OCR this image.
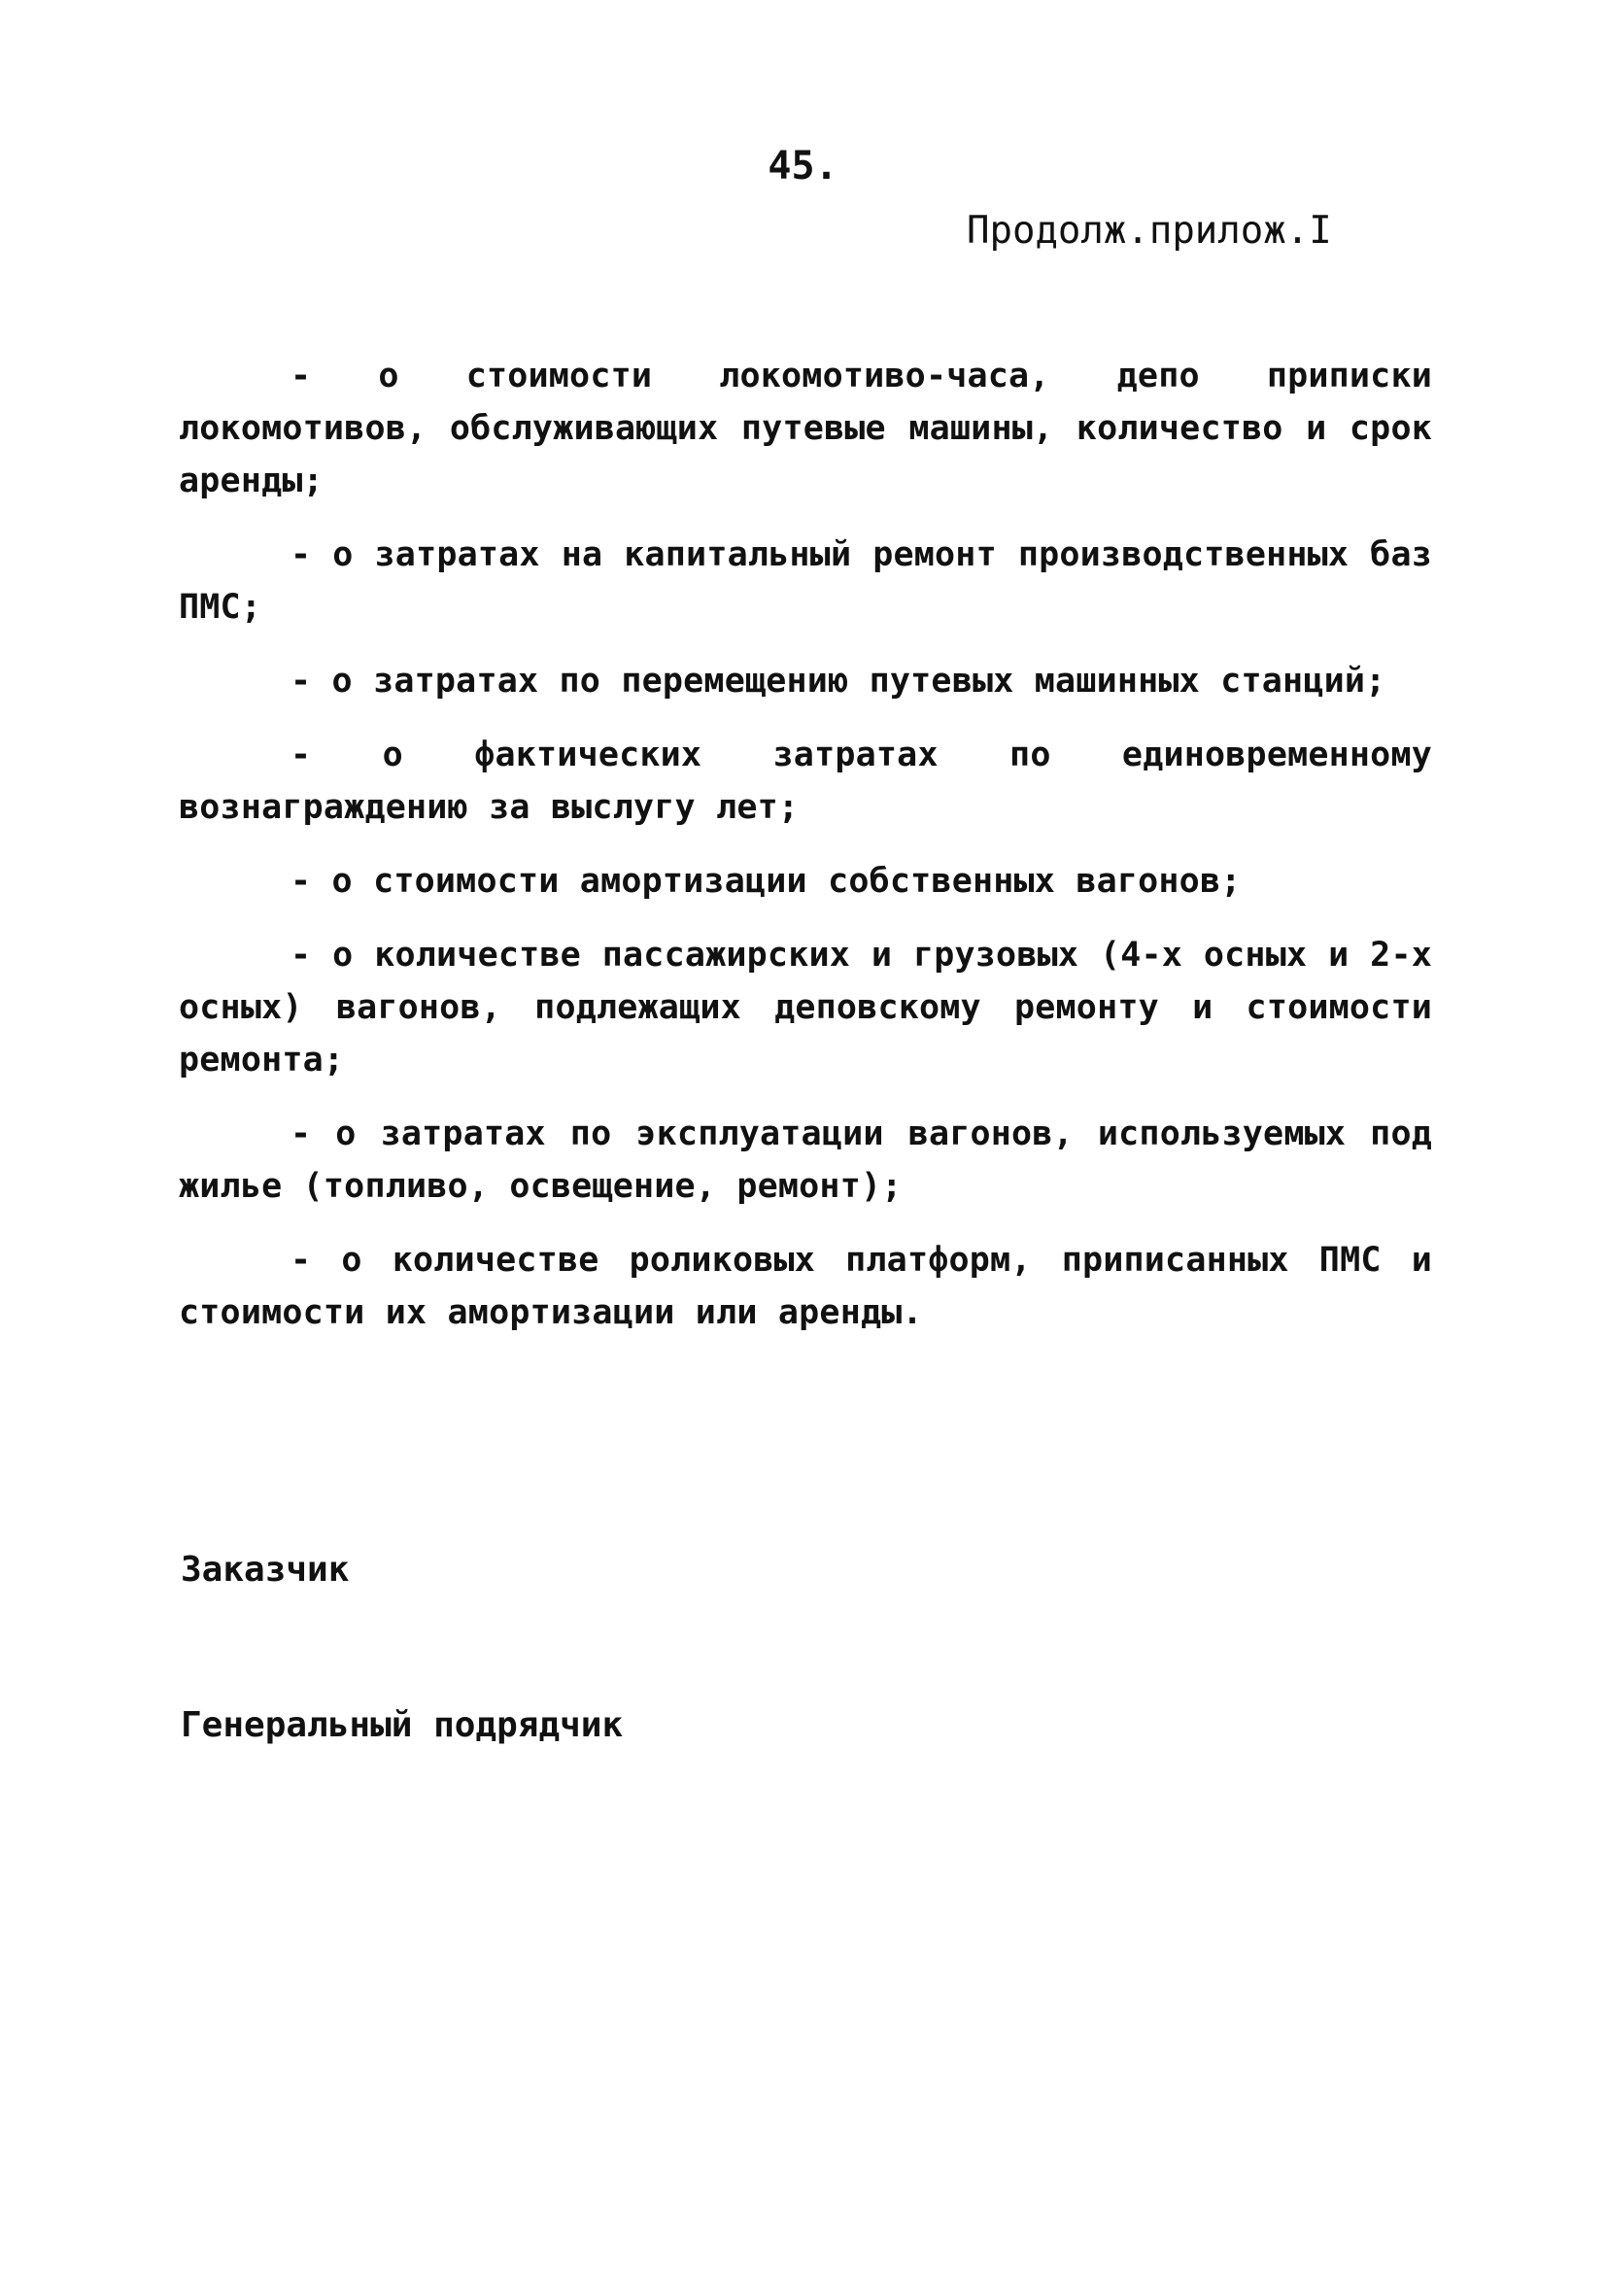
45.
Продолж.прилож.I

- о стоимости локомотиво-часа, депо приписки локомотивов, обслуживающих путевые машины, количество и срок аренды;

- о затратах на капитальный ремонт производственных баз ПМС;

- о затратах по перемещению путевых машинных станций;

- о фактических затратах по единовременному вознаграждению за выслугу лет;

- о стоимости амортизации собственных вагонов;

- о количестве пассажирских и грузовых (4-х осных и 2-х осных) вагонов, подлежащих деповскому ремонту и стоимости ремонта;

- о затратах по эксплуатации вагонов, используемых под жилье (топливо, освещение, ремонт);

- о количестве роликовых платформ, приписанных ПМС и стоимости их амортизации или аренды.

Заказчик
Генеральный подрядчик
